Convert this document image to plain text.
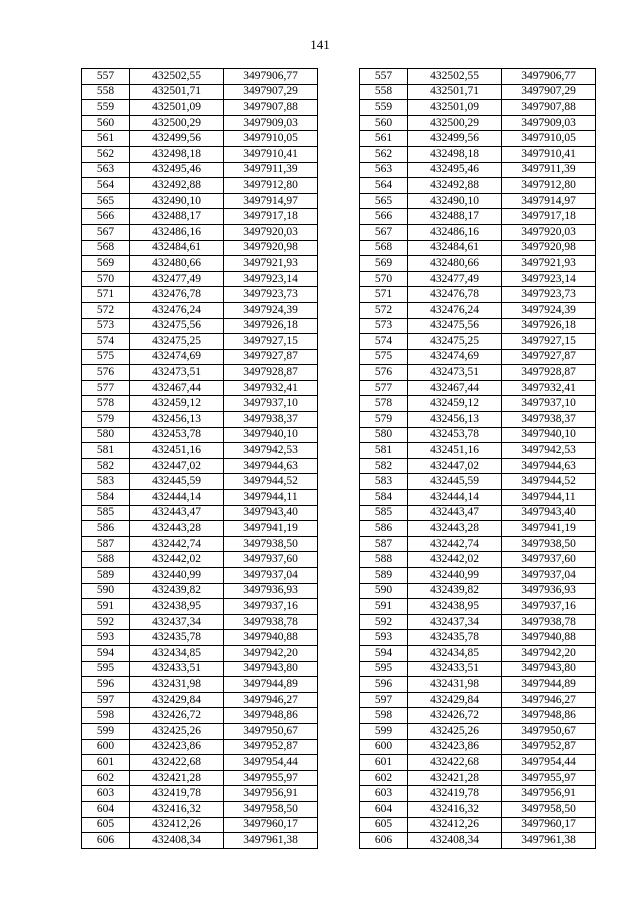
141
557	432502,55	3497906,77		557	432502,55	3497906,77
558	432501,71	3497907,29		558	432501,71	3497907,29
559	432501,09	3497907,88		559	432501,09	3497907,88
560	432500,29	3497909,03		560	432500,29	3497909,03
561	432499,56	3497910,05		561	432499,56	3497910,05
562	432498,18	3497910,41		562	432498,18	3497910,41
563	432495,46	3497911,39		563	432495,46	3497911,39
564	432492,88	3497912,80		564	432492,88	3497912,80
565	432490,10	3497914,97		565	432490,10	3497914,97
566	432488,17	3497917,18		566	432488,17	3497917,18
567	432486,16	3497920,03		567	432486,16	3497920,03
568	432484,61	3497920,98		568	432484,61	3497920,98
569	432480,66	3497921,93		569	432480,66	3497921,93
570	432477,49	3497923,14		570	432477,49	3497923,14
571	432476,78	3497923,73		571	432476,78	3497923,73
572	432476,24	3497924,39		572	432476,24	3497924,39
573	432475,56	3497926,18		573	432475,56	3497926,18
574	432475,25	3497927,15		574	432475,25	3497927,15
575	432474,69	3497927,87		575	432474,69	3497927,87
576	432473,51	3497928,87		576	432473,51	3497928,87
577	432467,44	3497932,41		577	432467,44	3497932,41
578	432459,12	3497937,10		578	432459,12	3497937,10
579	432456,13	3497938,37		579	432456,13	3497938,37
580	432453,78	3497940,10		580	432453,78	3497940,10
581	432451,16	3497942,53		581	432451,16	3497942,53
582	432447,02	3497944,63		582	432447,02	3497944,63
583	432445,59	3497944,52		583	432445,59	3497944,52
584	432444,14	3497944,11		584	432444,14	3497944,11
585	432443,47	3497943,40		585	432443,47	3497943,40
586	432443,28	3497941,19		586	432443,28	3497941,19
587	432442,74	3497938,50		587	432442,74	3497938,50
588	432442,02	3497937,60		588	432442,02	3497937,60
589	432440,99	3497937,04		589	432440,99	3497937,04
590	432439,82	3497936,93		590	432439,82	3497936,93
591	432438,95	3497937,16		591	432438,95	3497937,16
592	432437,34	3497938,78		592	432437,34	3497938,78
593	432435,78	3497940,88		593	432435,78	3497940,88
594	432434,85	3497942,20		594	432434,85	3497942,20
595	432433,51	3497943,80		595	432433,51	3497943,80
596	432431,98	3497944,89		596	432431,98	3497944,89
597	432429,84	3497946,27		597	432429,84	3497946,27
598	432426,72	3497948,86		598	432426,72	3497948,86
599	432425,26	3497950,67		599	432425,26	3497950,67
600	432423,86	3497952,87		600	432423,86	3497952,87
601	432422,68	3497954,44		601	432422,68	3497954,44
602	432421,28	3497955,97		602	432421,28	3497955,97
603	432419,78	3497956,91		603	432419,78	3497956,91
604	432416,32	3497958,50		604	432416,32	3497958,50
605	432412,26	3497960,17		605	432412,26	3497960,17
606	432408,34	3497961,38		606	432408,34	3497961,38
